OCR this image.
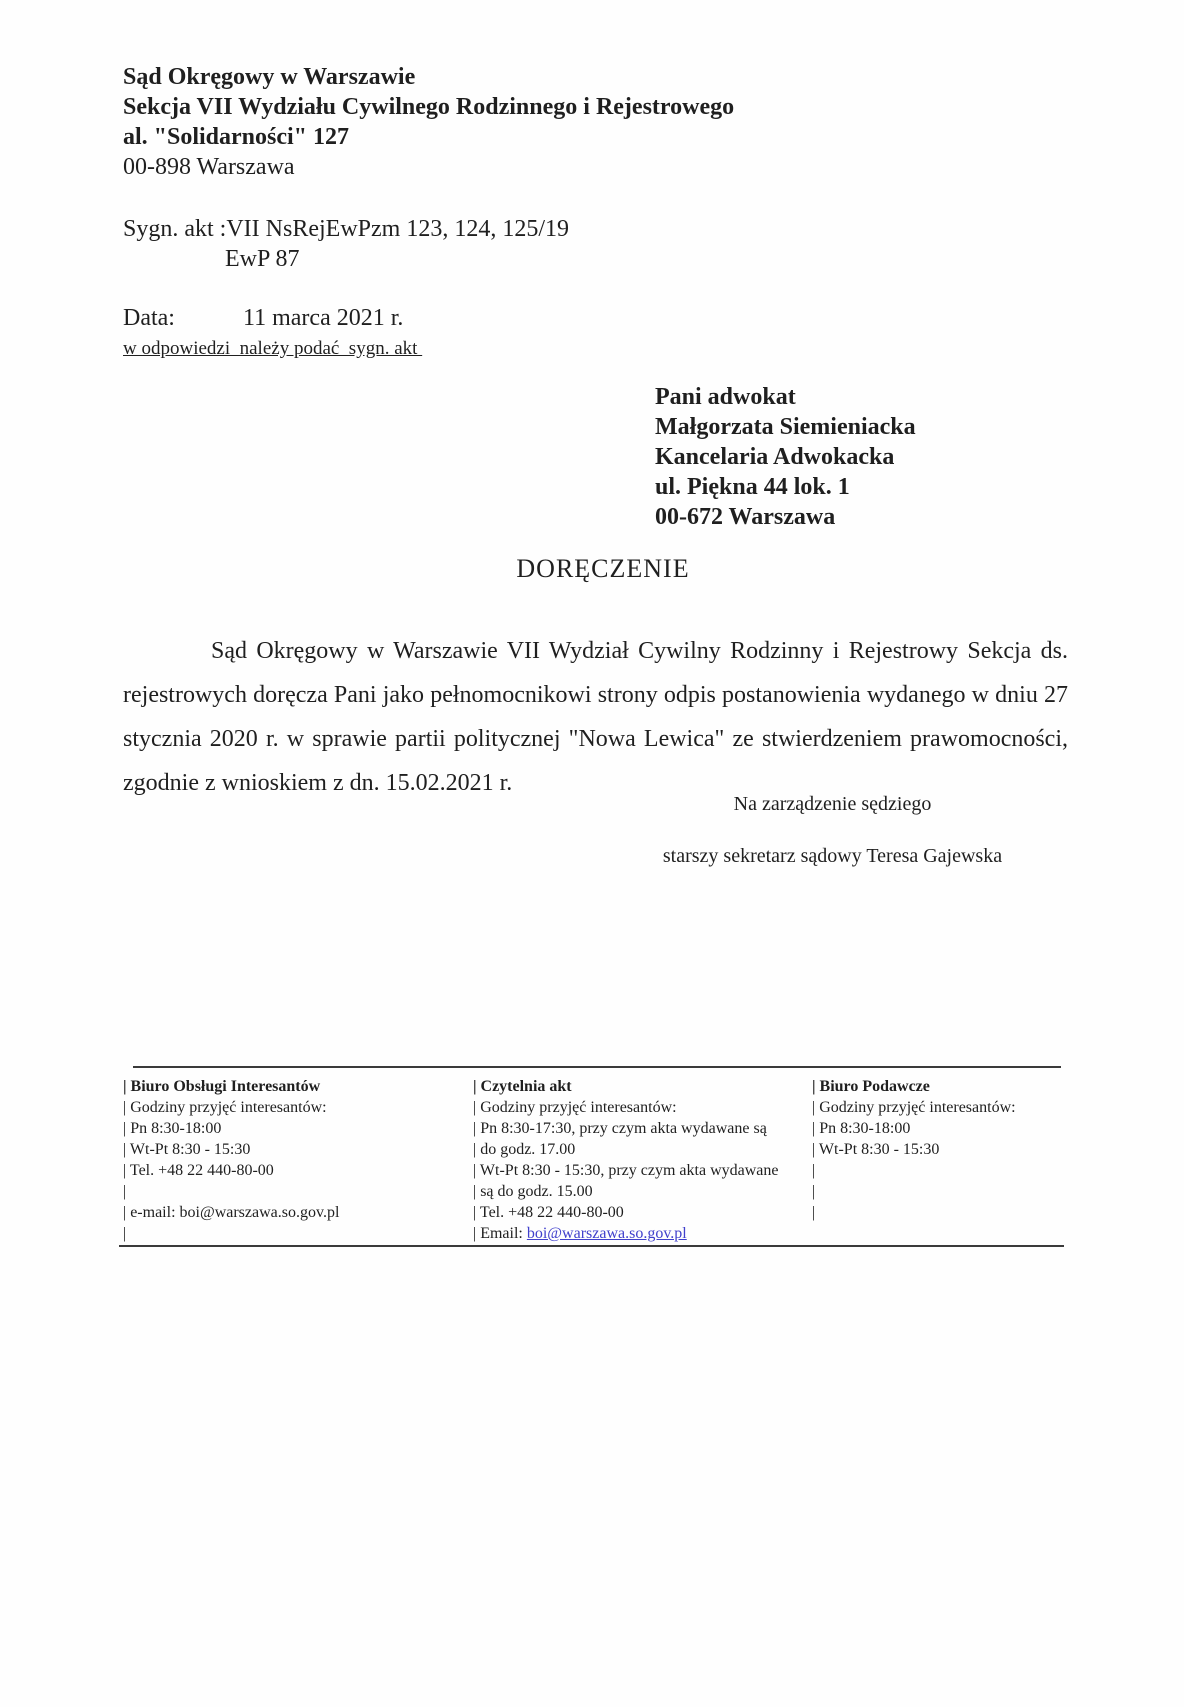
Sąd Okręgowy w Warszawie
Sekcja VII Wydziału Cywilnego Rodzinnego i Rejestrowego
al. "Solidarności" 127
00-898 Warszawa
Sygn. akt :VII NsRejEwPzm 123, 124, 125/19
EwP 87
Data:	11 marca 2021 r.
w odpowiedzi  należy podać  sygn. akt
Pani adwokat
Małgorzata Siemieniacka
Kancelaria Adwokacka
ul. Piękna 44 lok. 1
00-672 Warszawa
DORĘCZENIE
Sąd Okręgowy w Warszawie VII Wydział Cywilny Rodzinny i Rejestrowy Sekcja ds. rejestrowych doręcza Pani jako pełnomocnikowi strony odpis postanowienia wydanego w dniu 27 stycznia 2020 r. w sprawie partii politycznej "Nowa Lewica" ze stwierdzeniem prawomocności, zgodnie z wnioskiem z dn. 15.02.2021 r.
Na zarządzenie sędziego
starszy sekretarz sądowy Teresa Gajewska
| Biuro Obsługi Interesantów
| Godziny przyjęć interesantów:
| Pn 8:30-18:00
| Wt-Pt 8:30 - 15:30
| Tel. +48 22 440-80-00
|
| e-mail: boi@warszawa.so.gov.pl
|
| Czytelnia akt
| Godziny przyjęć interesantów:
| Pn 8:30-17:30, przy czym akta wydawane są
| do godz. 17.00
| Wt-Pt 8:30 - 15:30, przy czym akta wydawane
| są do godz. 15.00
| Tel. +48 22 440-80-00
| Email: boi@warszawa.so.gov.pl
| Biuro Podawcze
| Godziny przyjęć interesantów:
| Pn 8:30-18:00
| Wt-Pt 8:30 - 15:30
|
|
|
